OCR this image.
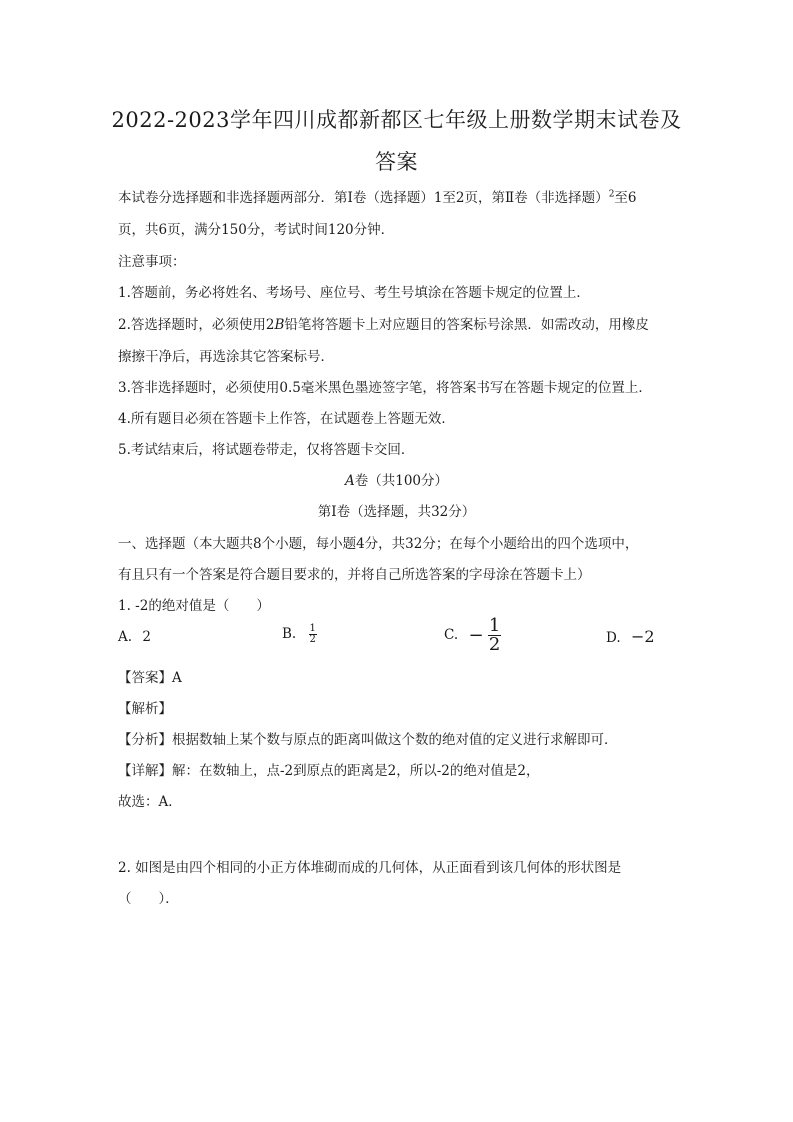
2022-2023学年四川成都新都区七年级上册数学期末试卷及
答案
本试卷分选择题和非选择题两部分．第Ⅰ卷（选择题）1至2页，第Ⅱ卷（非选择题）$^2$至6
页，共6页，满分150分，考试时间120分钟．
注意事项：
1.答题前，务必将姓名、考场号、座位号、考生号填涂在答题卡规定的位置上．
2.答选择题时，必须使用2B铅笔将答题卡上对应题目的答案标号涂黑．如需改动，用橡皮
擦擦干净后，再选涂其它答案标号．
3.答非选择题时，必须使用0.5毫米黑色墨迹签字笔，将答案书写在答题卡规定的位置上．
4.所有题目必须在答题卡上作答，在试题卷上答题无效．
5.考试结束后，将试题卷带走，仅将答题卡交回．
A卷（共100分）
第Ⅰ卷（选择题，共32分）
一、选择题（本大题共8个小题，每小题4分，共32分；在每个小题给出的四个选项中，
有且只有一个答案是符合题目要求的，并将自己所选答案的字母涂在答题卡上）
1. -2的绝对值是（　　）
A. 2	B. $\frac{1}{2}$	C. − $\frac{1}{2}$	D. −2
【答案】A
【解析】
【分析】根据数轴上某个数与原点的距离叫做这个数的绝对值的定义进行求解即可．
【详解】解：在数轴上，点-2到原点的距离是2，所以-2的绝对值是2，
故选：A．
2. 如图是由四个相同的小正方体堆砌而成的几何体，从正面看到该几何体的形状图是
（　　）．
